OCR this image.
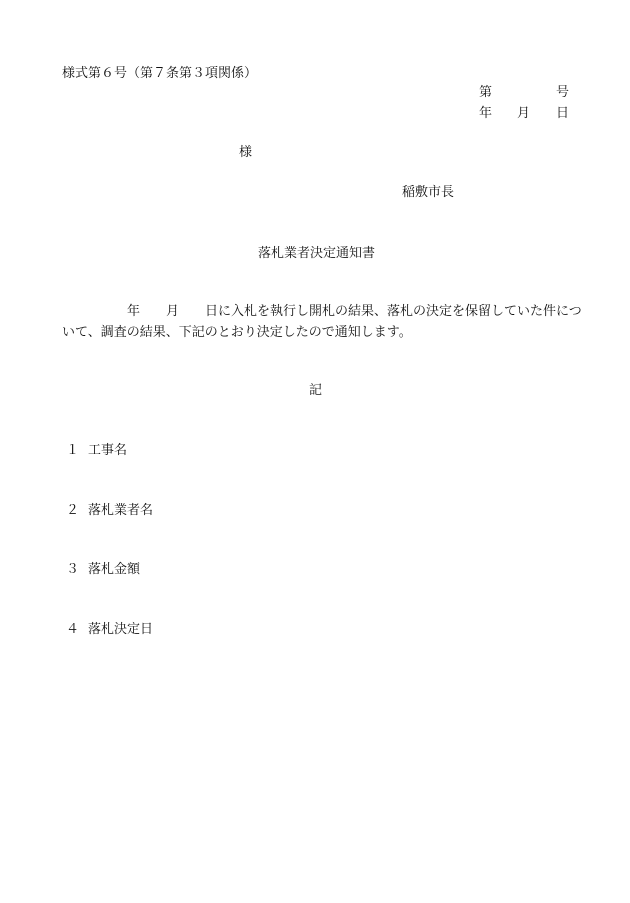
様式第６号（第７条第３項関係）
第	号
年 月 日
様
稲敷市長
落札業者決定通知書
年 月 日に入札を執行し開札の結果、落札の決定を保留していた件につ
いて、調査の結果、下記のとおり決定したので通知します。
記
１ 工事名
２ 落札業者名
３ 落札金額
４ 落札決定日
